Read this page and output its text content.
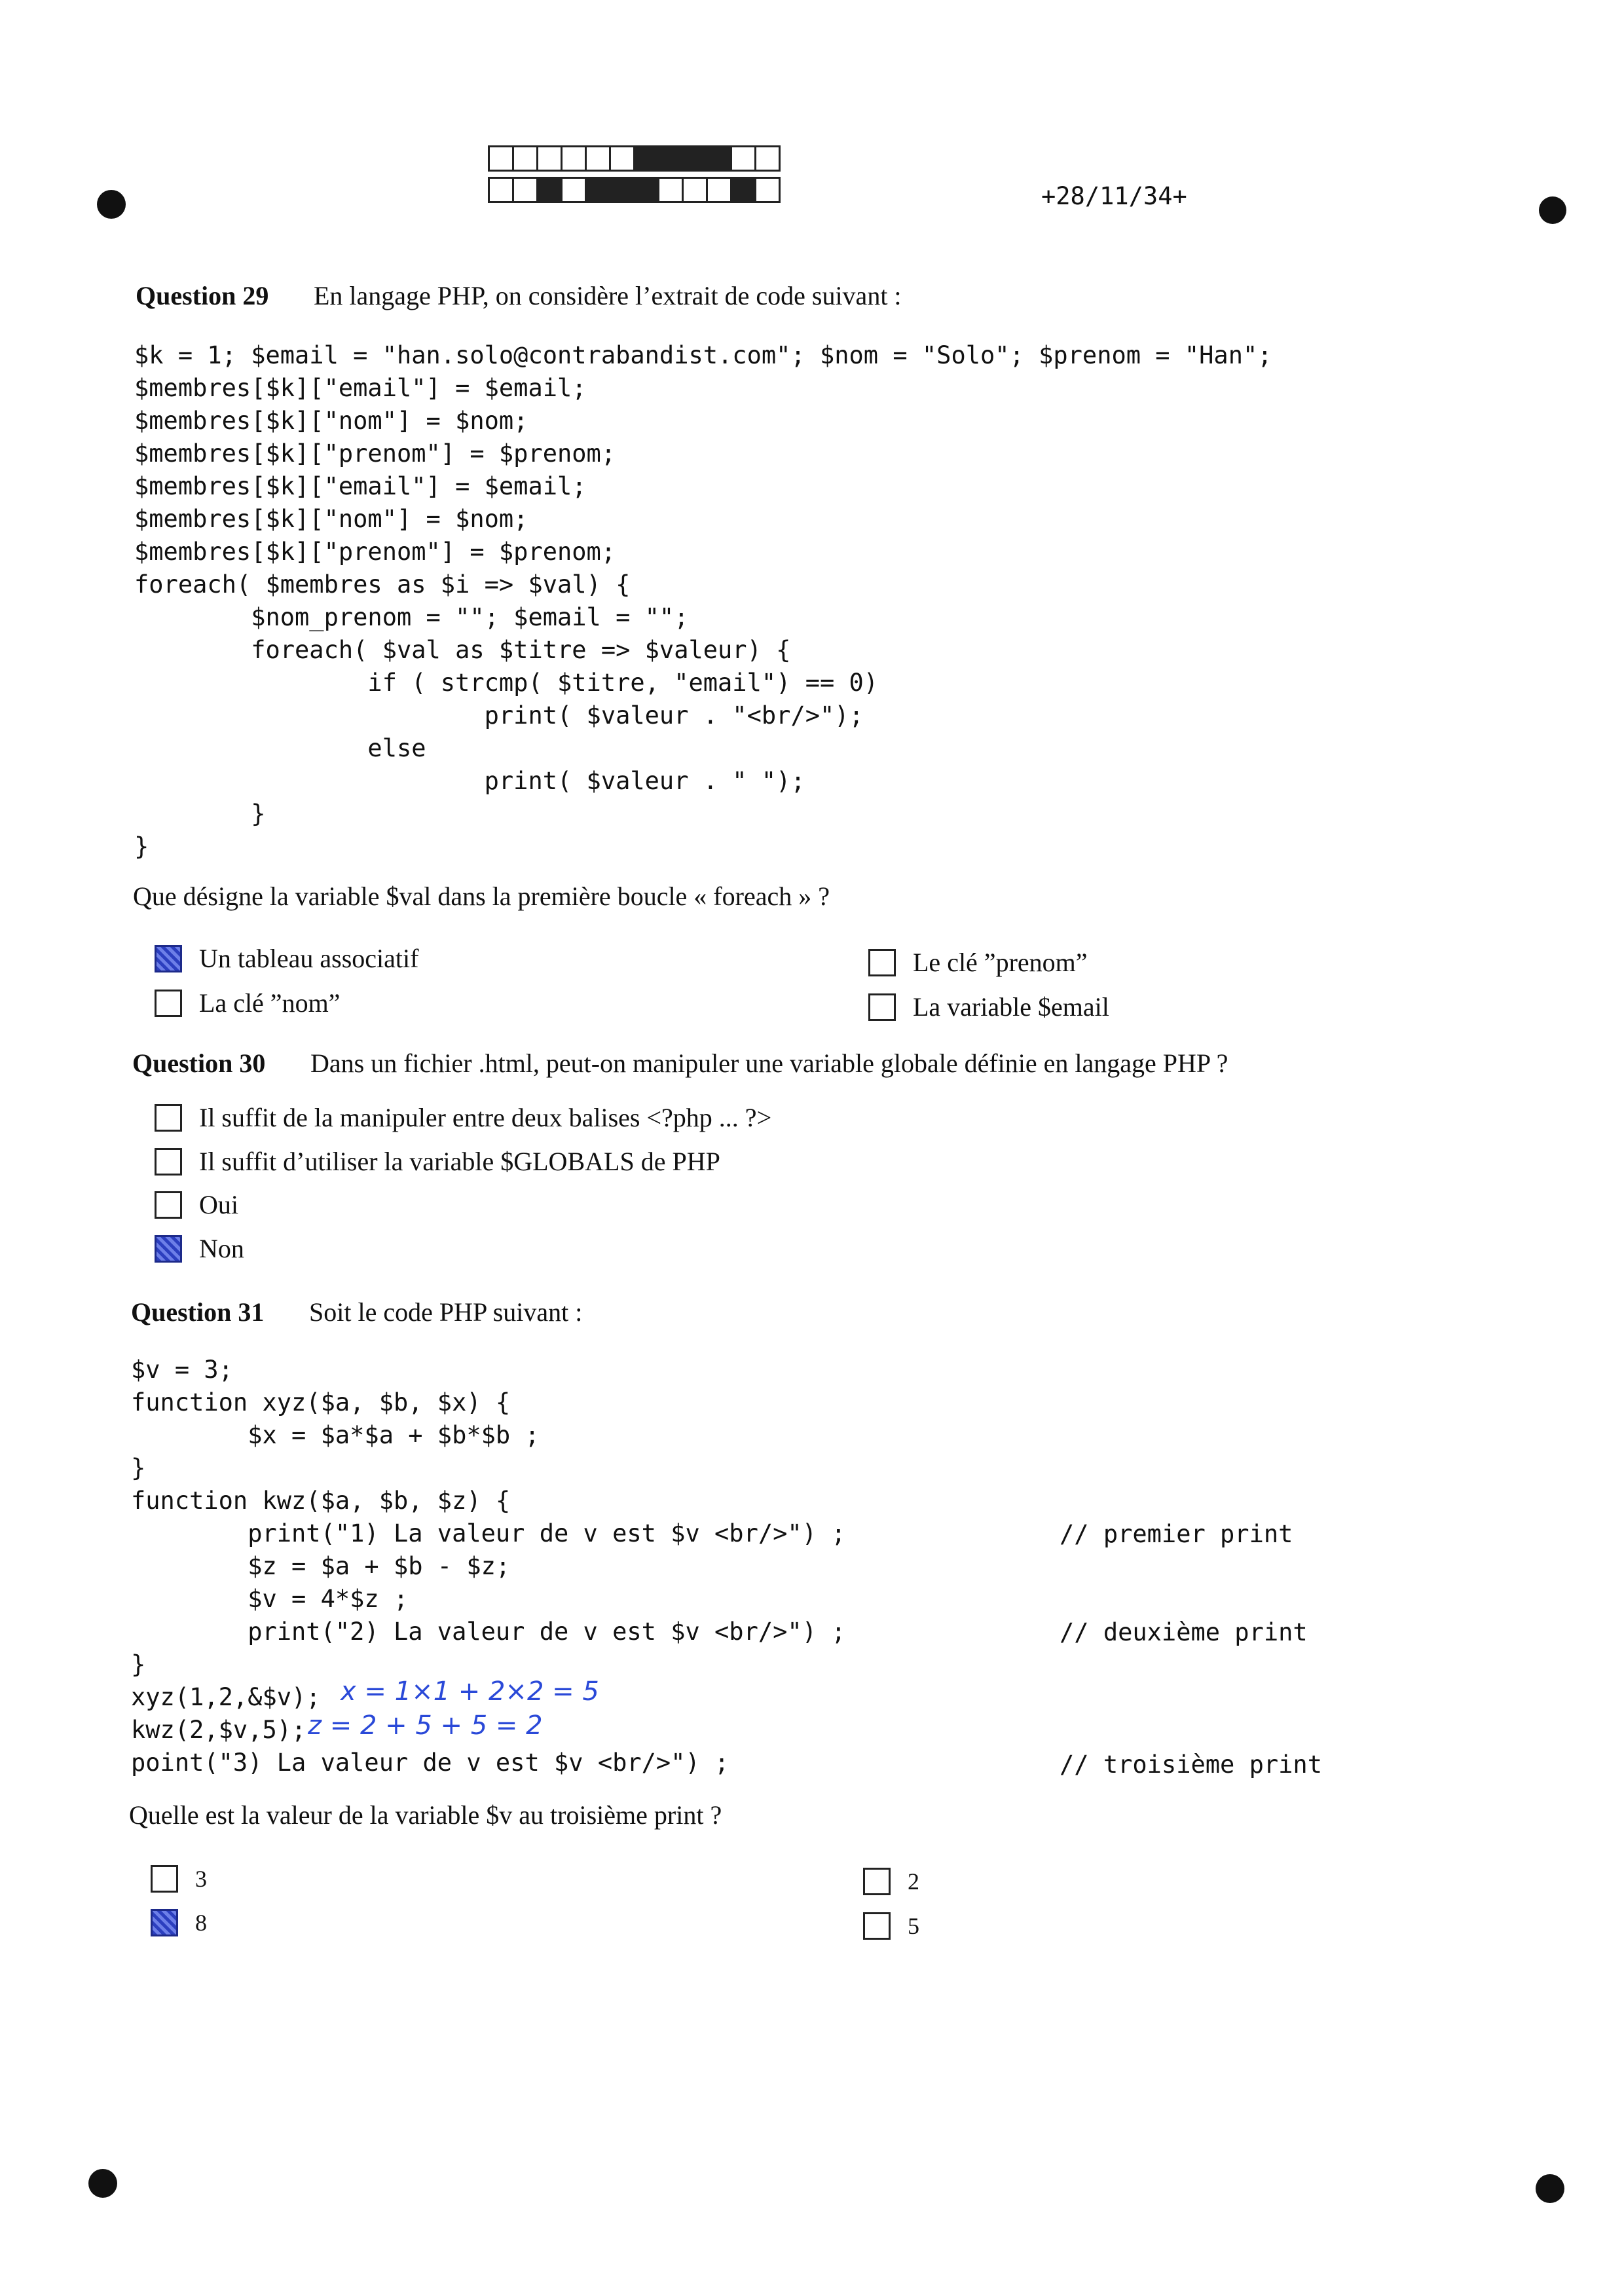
+28/11/34+
Question 29 En langage PHP, on considère l’extrait de code suivant :
$k = 1; $email = "han.solo@contrabandist.com"; $nom = "Solo"; $prenom = "Han";
$membres[$k]["email"] = $email;
$membres[$k]["nom"] = $nom;
$membres[$k]["prenom"] = $prenom;
$membres[$k]["email"] = $email;
$membres[$k]["nom"] = $nom;
$membres[$k]["prenom"] = $prenom;
foreach( $membres as $i => $val) {
$nom_prenom = ""; $email = "";
foreach( $val as $titre => $valeur) {
if ( strcmp( $titre, "email") == 0)
print( $valeur . "<br/>");
else
print( $valeur . " ");
}
}
Que désigne la variable $val dans la première boucle « foreach » ?
Un tableau associatif
La clé ”nom”
Le clé ”prenom”
La variable $email
Question 30 Dans un fichier .html, peut-on manipuler une variable globale définie en langage PHP ?
Il suffit de la manipuler entre deux balises <?php ... ?>
Il suffit d’utiliser la variable $GLOBALS de PHP
Oui
Non
Question 31 Soit le code PHP suivant :
$v = 3;
function xyz($a, $b, $x) {
$x = $a*$a + $b*$b ;
}
function kwz($a, $b, $z) {
print("1) La valeur de v est $v <br/>") ;
$z = $a + $b - $z;
$v = 4*$z ;
print("2) La valeur de v est $v <br/>") ;
}
xyz(1,2,&$v);
kwz(2,$v,5);
point("3) La valeur de v est $v <br/>") ;
// premier print
// deuxième print
// troisième print
x = 1×1 + 2×2 = 5
z = 2 + 5 + 5 = 2
Quelle est la valeur de la variable $v au troisième print ?
3
8
2
5
